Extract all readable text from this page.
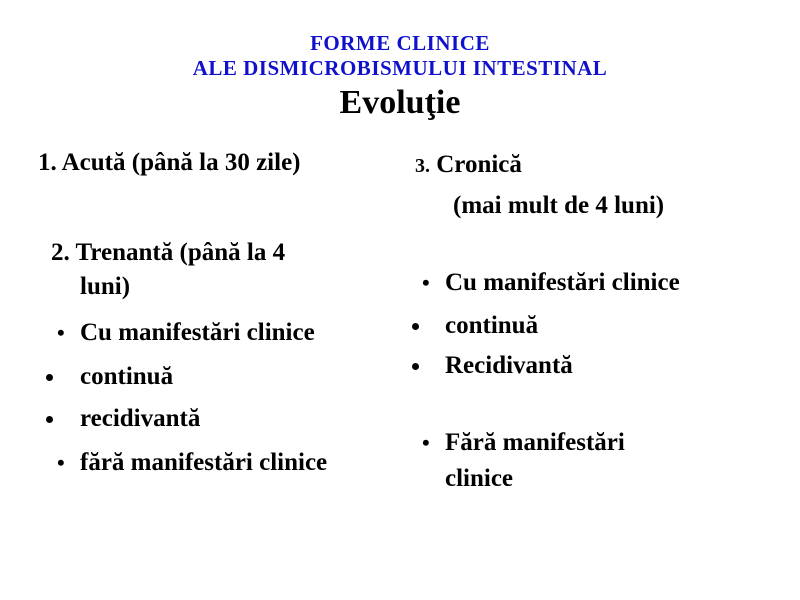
FORME CLINICE
ALE DISMICROBISMULUI INTESTINAL
Evoluţie
1. Acută (până la 30 zile)
2. Trenantă (până la 4
luni)
• Cu manifestări clinice
continuă
recidivantă
• fără manifestări clinice
3. Cronică
(mai mult de 4 luni)
• Cu manifestări clinice
continuă
Recidivantă
• Fără manifestări
clinice
